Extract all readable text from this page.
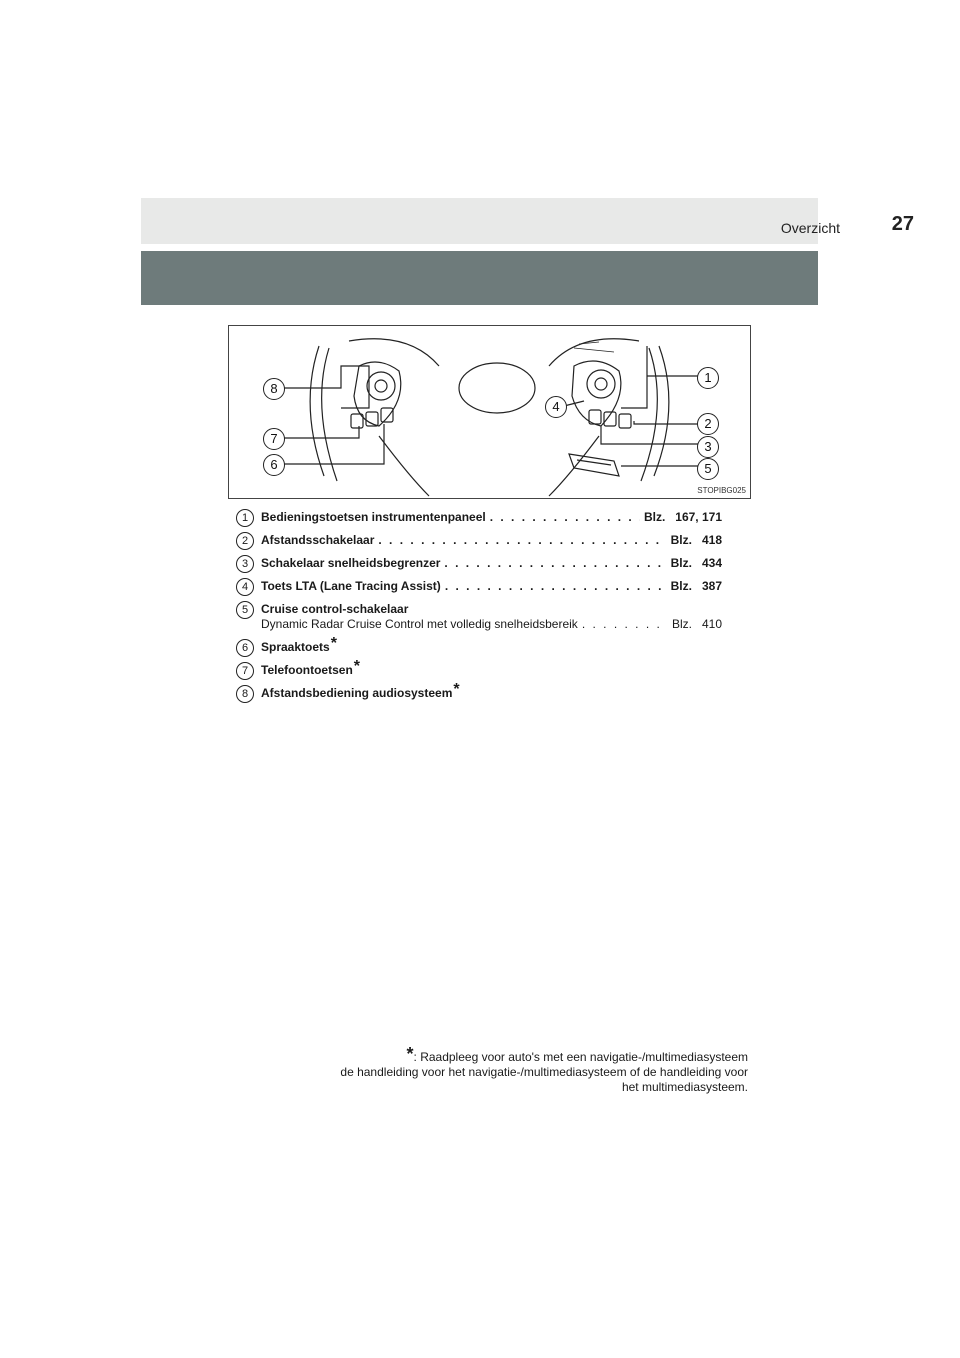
Overzicht	27
8
7
6
4
1
2
3
5
STOPIBG025
1	Bedieningstoetsen instrumentenpaneel . . .	Blz. 167, 171
2	Afstandsschakelaar . . .	Blz. 418
3	Schakelaar snelheidsbegrenzer . . .	Blz. 434
4	Toets LTA (Lane Tracing Assist) . . .	Blz. 387
5	Cruise control-schakelaar
Dynamic Radar Cruise Control met volledig snelheidsbereik . . .	Blz. 410
6	Spraaktoets*
7	Telefoontoetsen*
8	Afstandsbediening audiosysteem*
*: Raadpleeg voor auto's met een navigatie-/multimediasysteem
de handleiding voor het navigatie-/multimediasysteem of de handleiding voor
het multimediasysteem.
